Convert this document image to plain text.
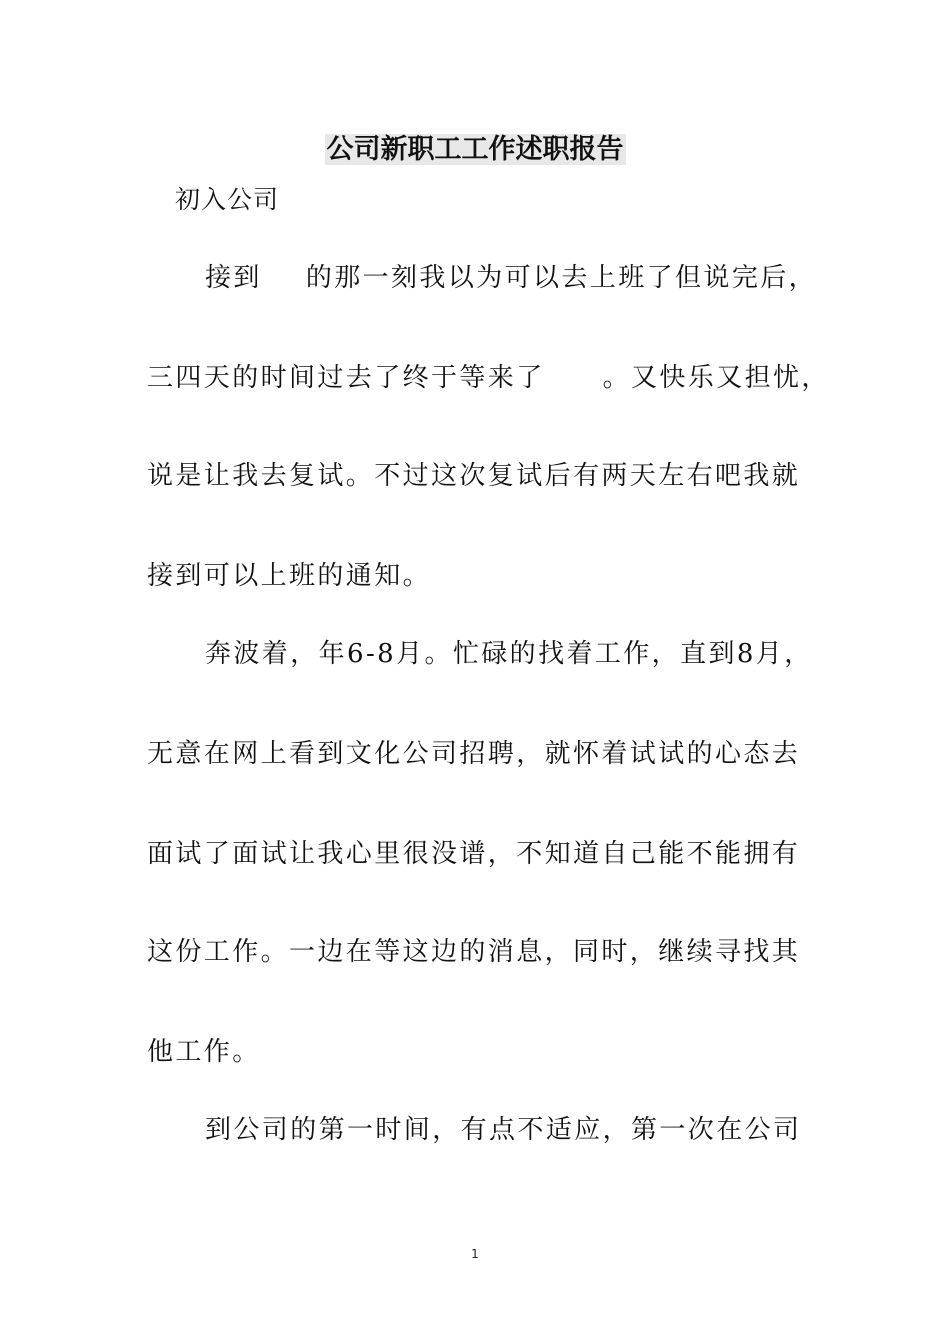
公司新职工工作述职报告
初入公司
接到 的那一刻我以为可以去上班了但说完后，
三四天的时间过去了终于等来了 。又快乐又担忧，
说是让我去复试。不过这次复试后有两天左右吧我就
接到可以上班的通知。
奔波着，年6-8月。忙碌的找着工作，直到8月，
无意在网上看到文化公司招聘，就怀着试试的心态去
面试了面试让我心里很没谱，不知道自己能不能拥有
这份工作。一边在等这边的消息，同时，继续寻找其
他工作。
到公司的第一时间，有点不适应，第一次在公司
1
